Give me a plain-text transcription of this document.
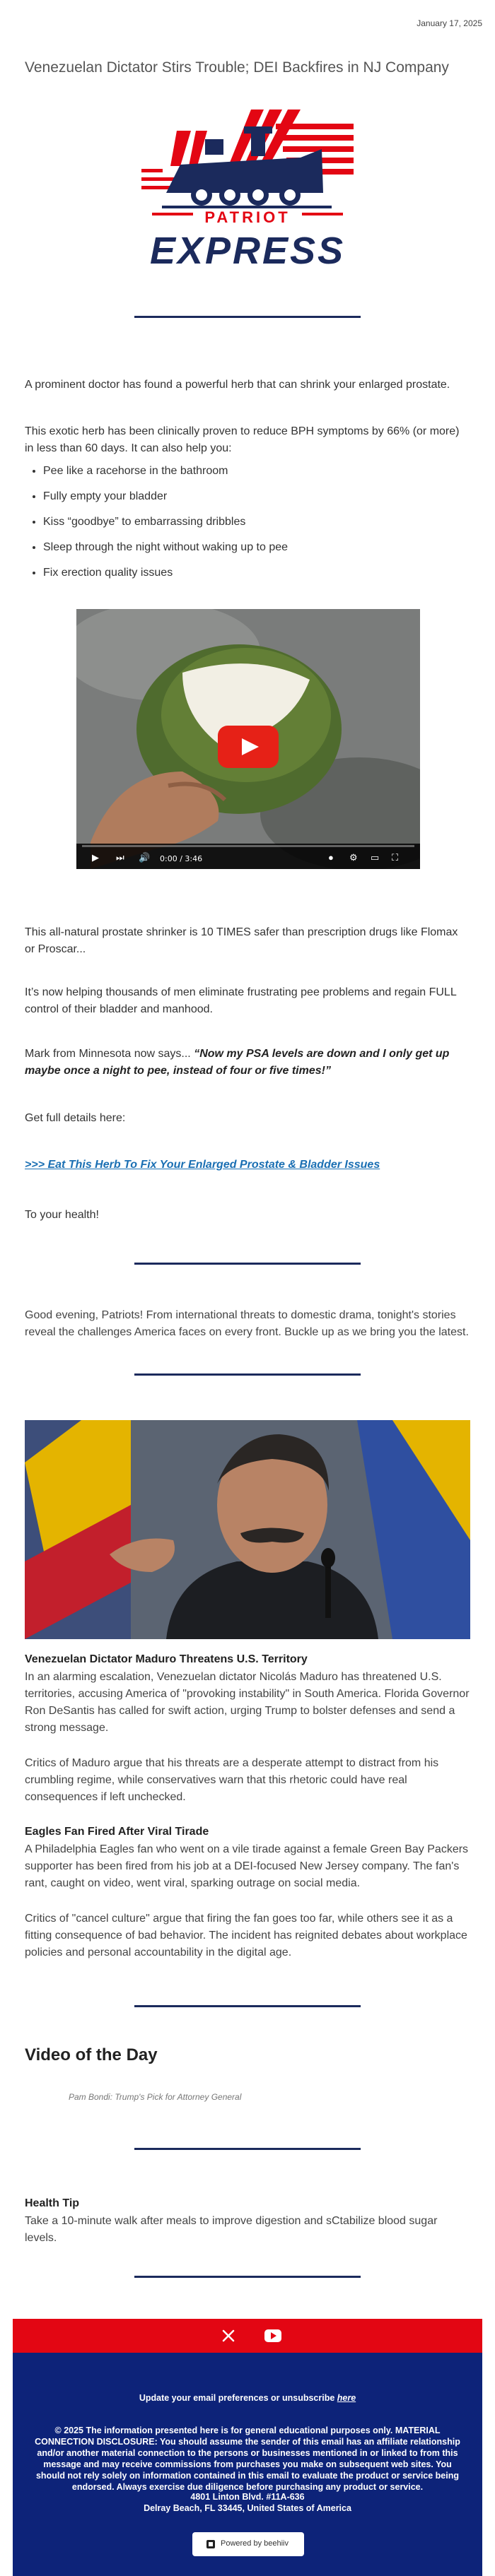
January 17, 2025
Venezuelan Dictator Stirs Trouble; DEI Backfires in NJ Company
PATRIOT
EXPRESS

A prominent doctor has found a powerful herb that can shrink your enlarged prostate.

This exotic herb has been clinically proven to reduce BPH symptoms by 66% (or more) in less than 60 days. It can also help you:

• Pee like a racehorse in the bathroom
• Fully empty your bladder
• Kiss “goodbye” to embarrassing dribbles
• Sleep through the night without waking up to pee
• Fix erection quality issues
▶ ⏭ 🔊 0:00 / 3:46	● ⚙ ▭ ⛶

This all-natural prostate shrinker is 10 TIMES safer than prescription drugs like Flomax or Proscar...

It’s now helping thousands of men eliminate frustrating pee problems and regain FULL control of their bladder and manhood.

Mark from Minnesota now says... “Now my PSA levels are down and I only get up maybe once a night to pee, instead of four or five times!”

Get full details here:

>>> Eat This Herb To Fix Your Enlarged Prostate & Bladder Issues

To your health!

Good evening, Patriots! From international threats to domestic drama, tonight's stories reveal the challenges America faces on every front. Buckle up as we bring you the latest.
Venezuelan Dictator Maduro Threatens U.S. Territory

In an alarming escalation, Venezuelan dictator Nicolás Maduro has threatened U.S. territories, accusing America of "provoking instability" in South America. Florida Governor Ron DeSantis has called for swift action, urging Trump to bolster defenses and send a strong message.

Critics of Maduro argue that his threats are a desperate attempt to distract from his crumbling regime, while conservatives warn that this rhetoric could have real consequences if left unchecked.

Eagles Fan Fired After Viral Tirade

A Philadelphia Eagles fan who went on a vile tirade against a female Green Bay Packers supporter has been fired from his job at a DEI-focused New Jersey company. The fan's rant, caught on video, went viral, sparking outrage on social media.

Critics of "cancel culture" argue that firing the fan goes too far, while others see it as a fitting consequence of bad behavior. The incident has reignited debates about workplace policies and personal accountability in the digital age.

Video of the Day
Pam Bondi: Trump's Pick for Attorney General
Health Tip
Take a 10-minute walk after meals to improve digestion and sCtabilize blood sugar levels.
Update your email preferences or unsubscribe here
© 2025 The information presented here is for general educational purposes only. MATERIAL CONNECTION DISCLOSURE: You should assume the sender of this email has an affiliate relationship and/or another material connection to the persons or businesses mentioned in or linked to from this message and may receive commissions from purchases you make on subsequent web sites. You should not rely solely on information contained in this email to evaluate the product or service being endorsed. Always exercise due diligence before purchasing any product or service.
4801 Linton Blvd. #11A-636
Delray Beach, FL 33445, United States of America
Powered by beehiiv
